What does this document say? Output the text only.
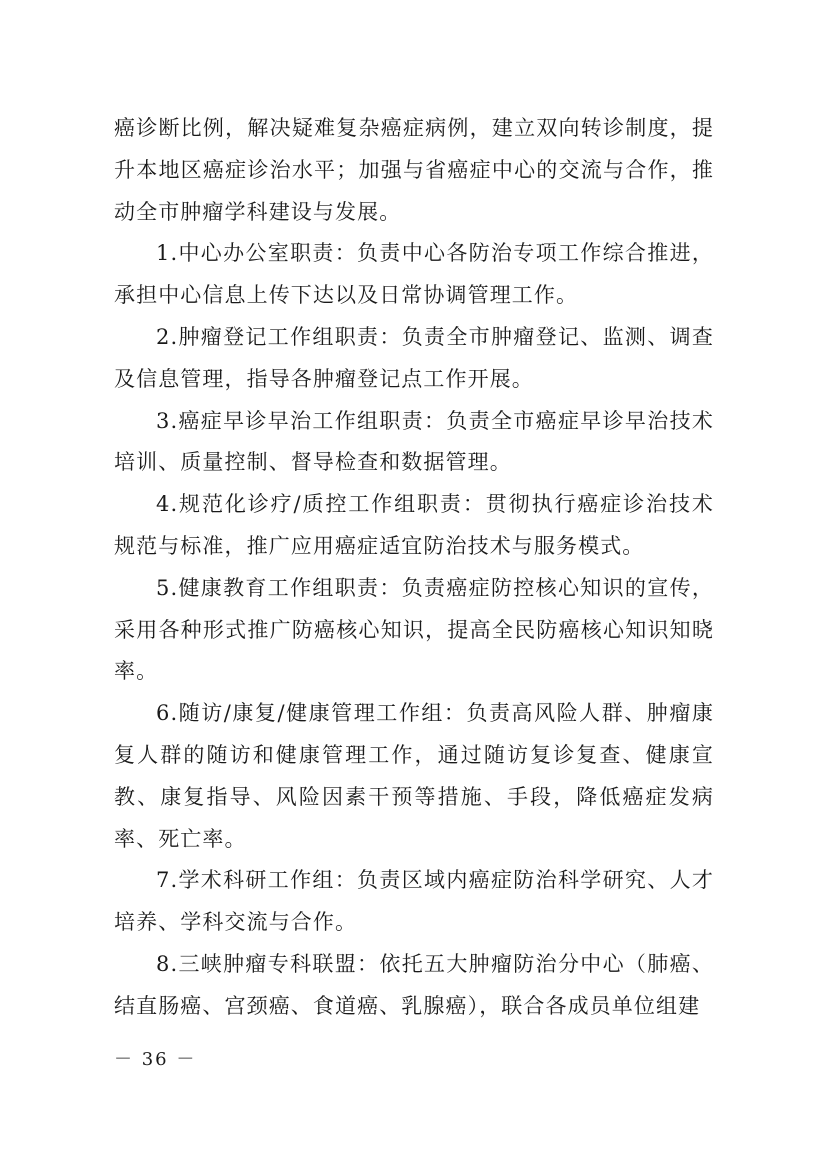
癌诊断比例，解决疑难复杂癌症病例，建立双向转诊制度，提升本地区癌症诊治水平；加强与省癌症中心的交流与合作，推动全市肿瘤学科建设与发展。

1.中心办公室职责：负责中心各防治专项工作综合推进，承担中心信息上传下达以及日常协调管理工作。

2.肿瘤登记工作组职责：负责全市肿瘤登记、监测、调查及信息管理，指导各肿瘤登记点工作开展。

3.癌症早诊早治工作组职责：负责全市癌症早诊早治技术培训、质量控制、督导检查和数据管理。

4.规范化诊疗/质控工作组职责：贯彻执行癌症诊治技术规范与标准，推广应用癌症适宜防治技术与服务模式。

5.健康教育工作组职责：负责癌症防控核心知识的宣传，采用各种形式推广防癌核心知识，提高全民防癌核心知识知晓率。

6.随访/康复/健康管理工作组：负责高风险人群、肿瘤康复人群的随访和健康管理工作，通过随访复诊复查、健康宣教、康复指导、风险因素干预等措施、手段，降低癌症发病率、死亡率。

7.学术科研工作组：负责区域内癌症防治科学研究、人才培养、学科交流与合作。

8.三峡肿瘤专科联盟：依托五大肿瘤防治分中心（肺癌、结直肠癌、宫颈癌、食道癌、乳腺癌），联合各成员单位组建

－ 36 －
